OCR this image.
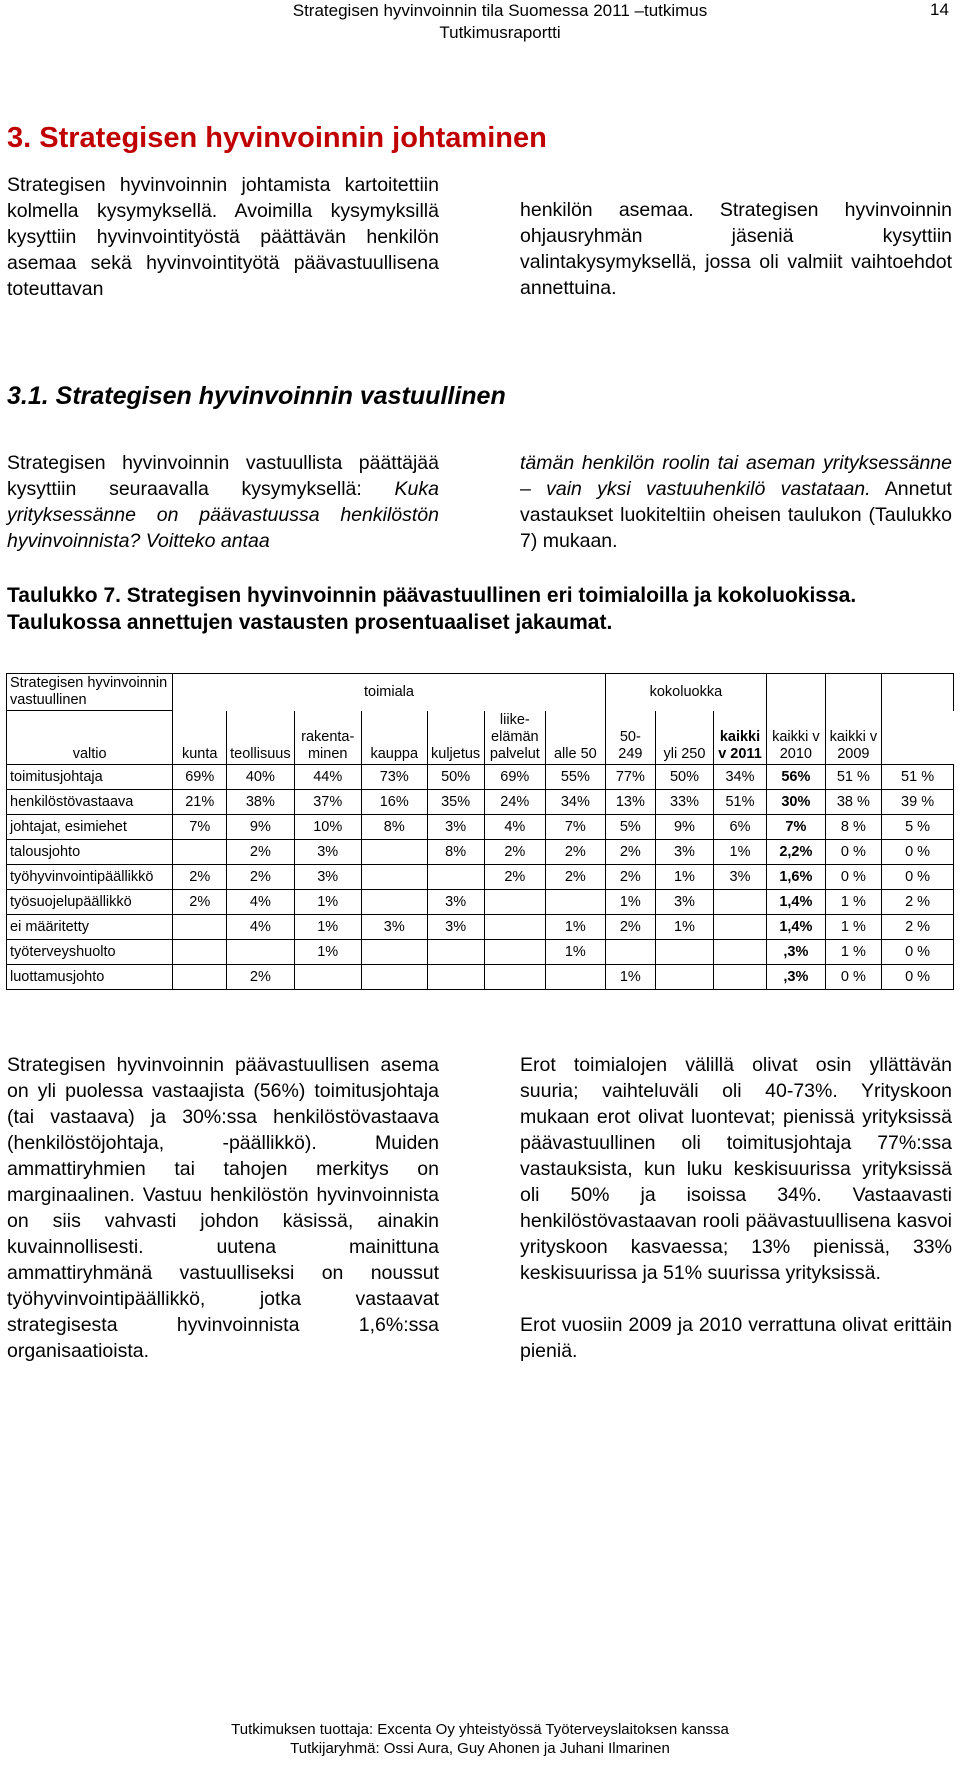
Strategisen hyvinvoinnin tila Suomessa 2011 –tutkimus
Tutkimusraportti
14
3. Strategisen hyvinvoinnin johtaminen

Strategisen hyvinvoinnin johtamista kartoitettiin kolmella kysymyksellä. Avoimilla kysymyksillä kysyttiin hyvinvointityöstä päättävän henkilön asemaa sekä hyvinvointityötä päävastuullisena toteuttavan

henkilön asemaa. Strategisen hyvinvoinnin ohjausryhmän jäseniä kysyttiin valintakysymyksellä, jossa oli valmiit vaihtoehdot annettuina.

3.1. Strategisen hyvinvoinnin vastuullinen

Strategisen hyvinvoinnin vastuullista päättäjää kysyttiin seuraavalla kysymyksellä: Kuka yrityksessänne on päävastuussa henkilöstön hyvinvoinnista? Voitteko antaa

tämän henkilön roolin tai aseman yrityksessänne – vain yksi vastuuhenkilö vastataan. Annetut vastaukset luokiteltiin oheisen taulukon (Taulukko 7) mukaan.

Taulukko 7. Strategisen hyvinvoinnin päävastuullinen eri toimialoilla ja kokoluokissa. Taulukossa annettujen vastausten prosentuaaliset jakaumat.
Strategisen hyvinvoinnin vastuullinen	toimiala							kokoluokka					
valtio	kunta	teollisuus	rakenta-minen	kauppa	kuljetus	liike-elämän palvelut	alle 50	50-249	yli 250	kaikki v 2011	kaikki v 2010	kaikki v 2009	
toimitusjohtaja	69%	40%	44%	73%	50%	69%	55%	77%	50%	34%	56%	51 %	51 %
henkilöstövastaava	21%	38%	37%	16%	35%	24%	34%	13%	33%	51%	30%	38 %	39 %
johtajat, esimiehet	7%	9%	10%	8%	3%	4%	7%	5%	9%	6%	7%	8 %	5 %
talousjohto		2%	3%		8%	2%	2%	2%	3%	1%	2,2%	0 %	0 %
työhyvinvointipäällikkö	2%	2%	3%			2%	2%	2%	1%	3%	1,6%	0 %	0 %
työsuojelupäällikkö	2%	4%	1%		3%			1%	3%		1,4%	1 %	2 %
ei määritetty		4%	1%	3%	3%		1%	2%	1%		1,4%	1 %	2 %
työterveyshuolto			1%				1%				,3%	1 %	0 %
luottamusjohto		2%						1%			,3%	0 %	0 %

Strategisen hyvinvoinnin päävastuullisen asema on yli puolessa vastaajista (56%) toimitusjohtaja (tai vastaava) ja 30%:ssa henkilöstövastaava (henkilöstöjohtaja, -päällikkö). Muiden ammattiryhmien tai tahojen merkitys on marginaalinen. Vastuu henkilöstön hyvinvoinnista on siis vahvasti johdon käsissä, ainakin kuvainnollisesti. uutena mainittuna ammattiryhmänä vastuulliseksi on noussut työhyvinvointipäällikkö, jotka vastaavat strategisesta hyvinvoinnista 1,6%:ssa organisaatioista.

Erot toimialojen välillä olivat osin yllättävän suuria; vaihteluväli oli 40-73%. Yrityskoon mukaan erot olivat luontevat; pienissä yrityksissä päävastuullinen oli toimitusjohtaja 77%:ssa vastauksista, kun luku keskisuurissa yrityksissä oli 50% ja isoissa 34%. Vastaavasti henkilöstövastaavan rooli päävastuullisena kasvoi yrityskoon kasvaessa; 13% pienissä, 33% keskisuurissa ja 51% suurissa yrityksissä.

Erot vuosiin 2009 ja 2010 verrattuna olivat erittäin pieniä.

Tutkimuksen tuottaja: Excenta Oy yhteistyössä Työterveyslaitoksen kanssa
Tutkijaryhmä: Ossi Aura, Guy Ahonen ja Juhani Ilmarinen
